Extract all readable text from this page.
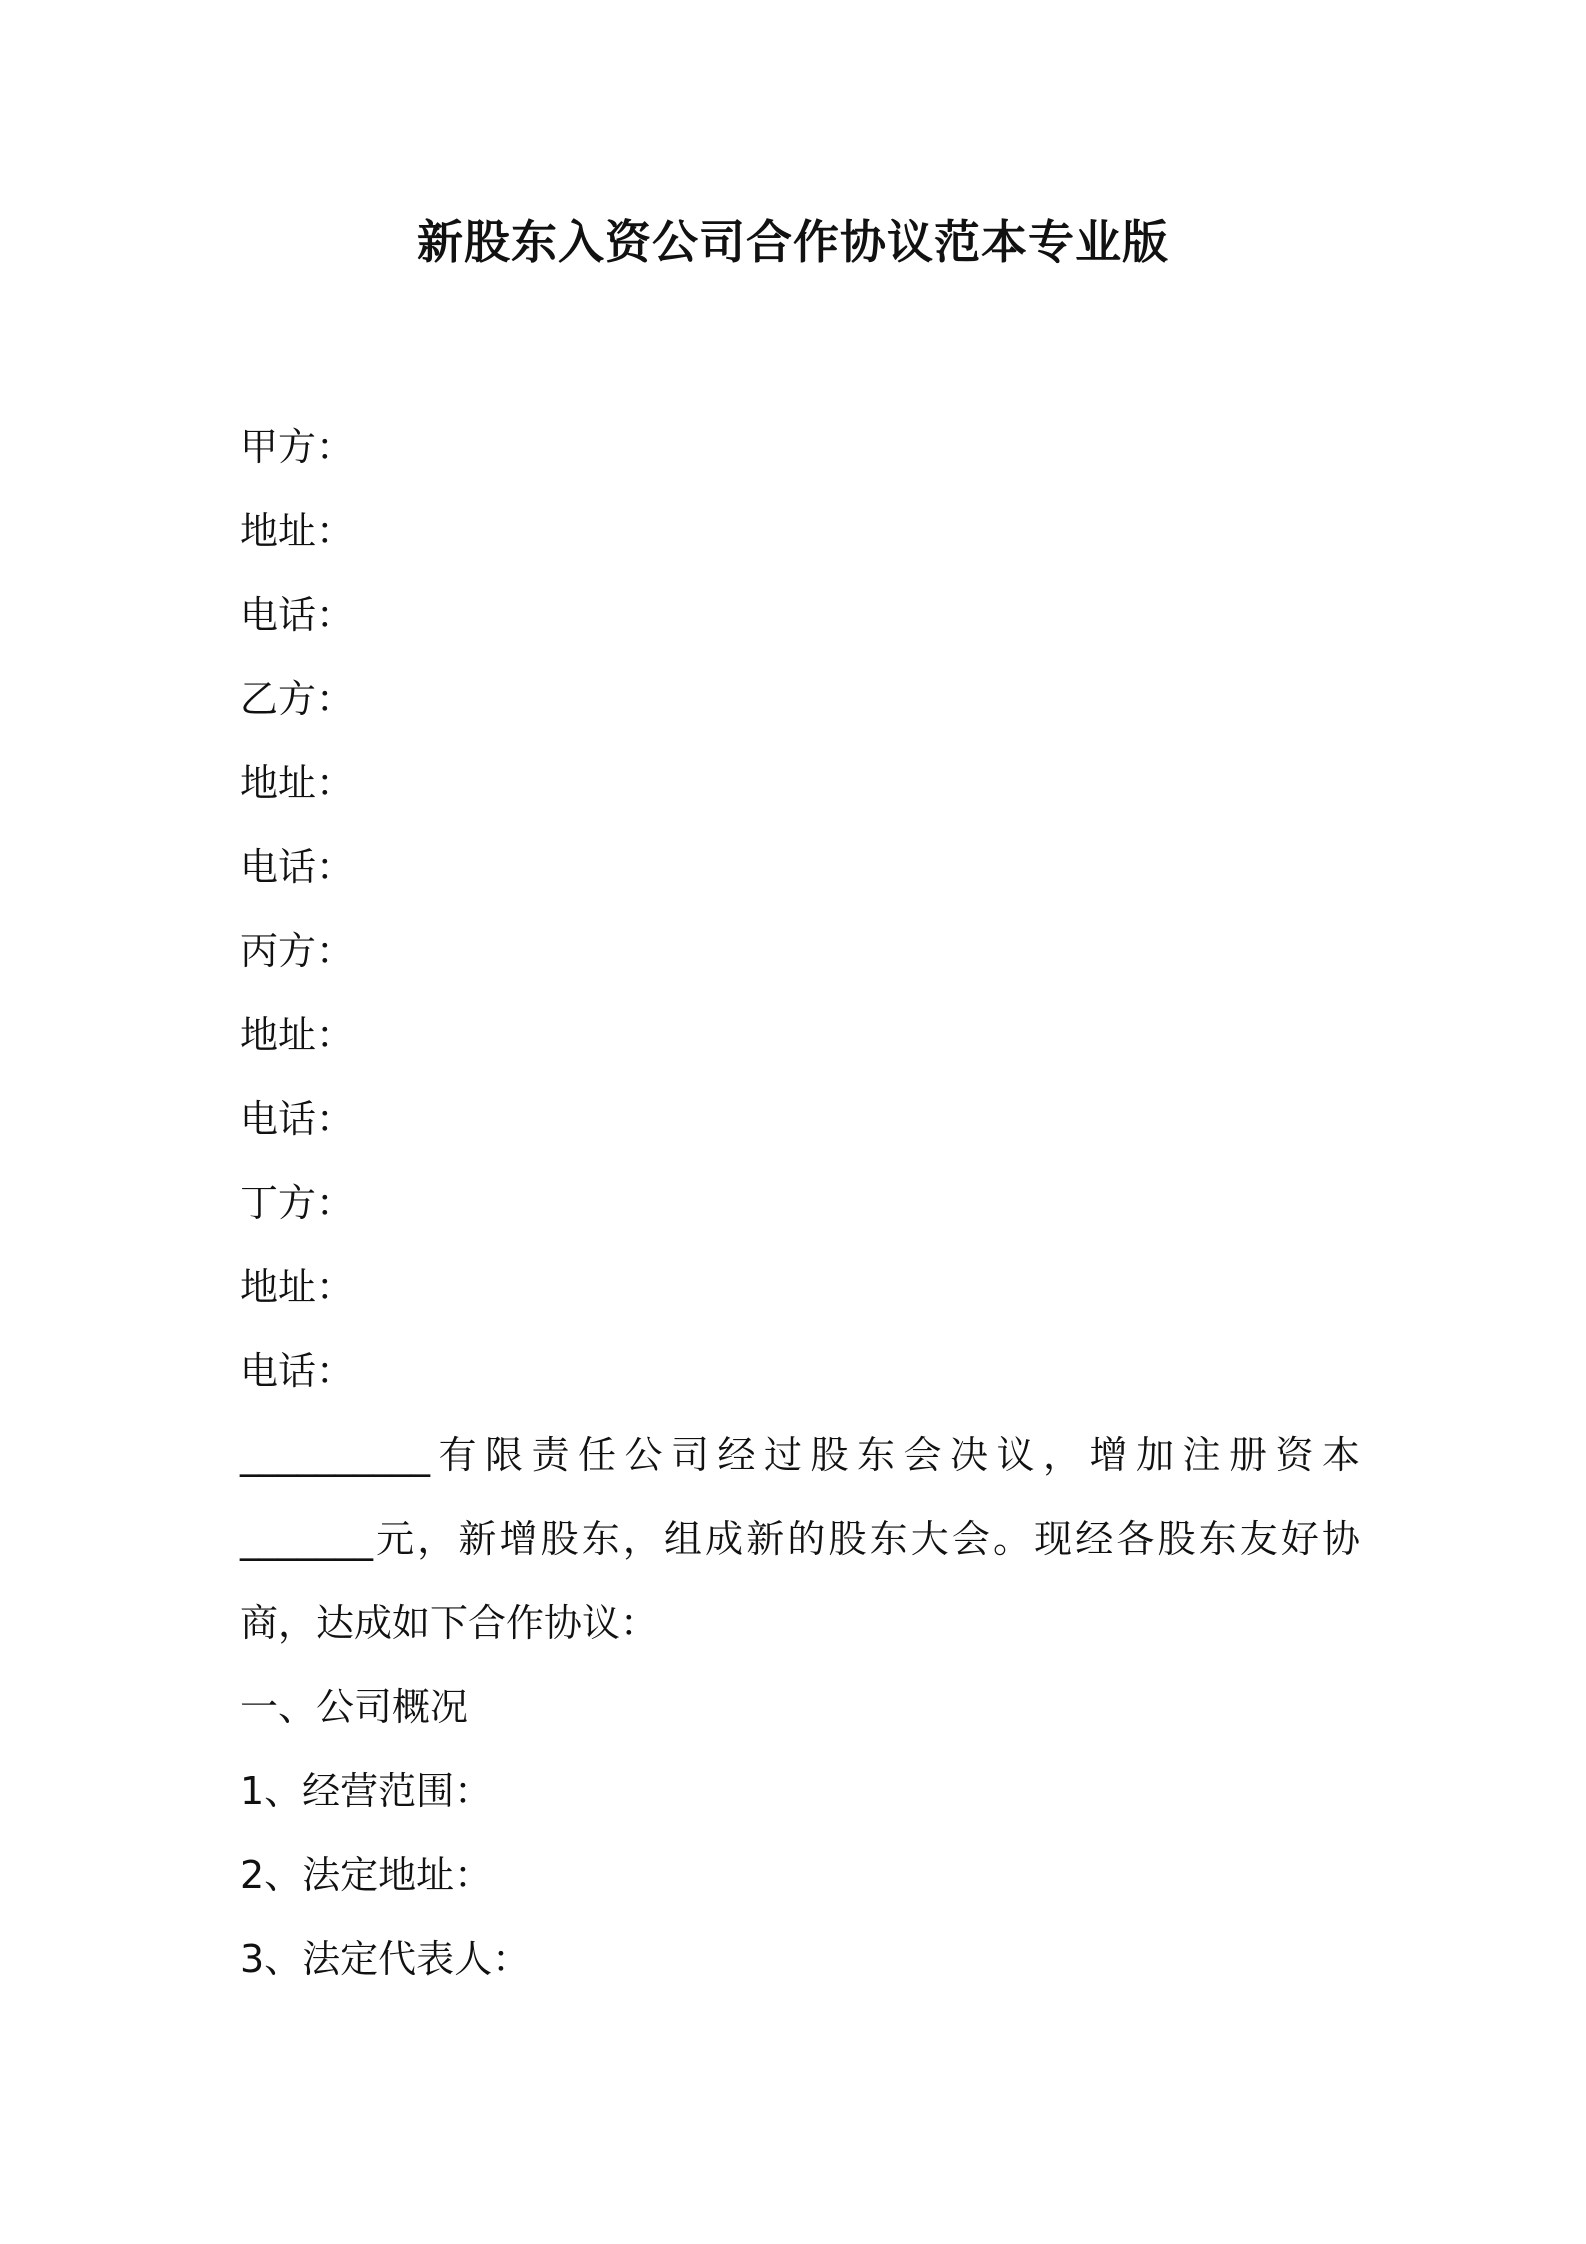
新股东入资公司合作协议范本专业版
甲方：
地址：
电话：
乙方：
地址：
电话：
丙方：
地址：
电话：
丁方：
地址：
电话：
__________有限责任公司经过股东会决议，增加注册资本
_______元，新增股东，组成新的股东大会。现经各股东友好协
商，达成如下合作协议：
一、公司概况
1、经营范围：
2、法定地址：
3、法定代表人：
